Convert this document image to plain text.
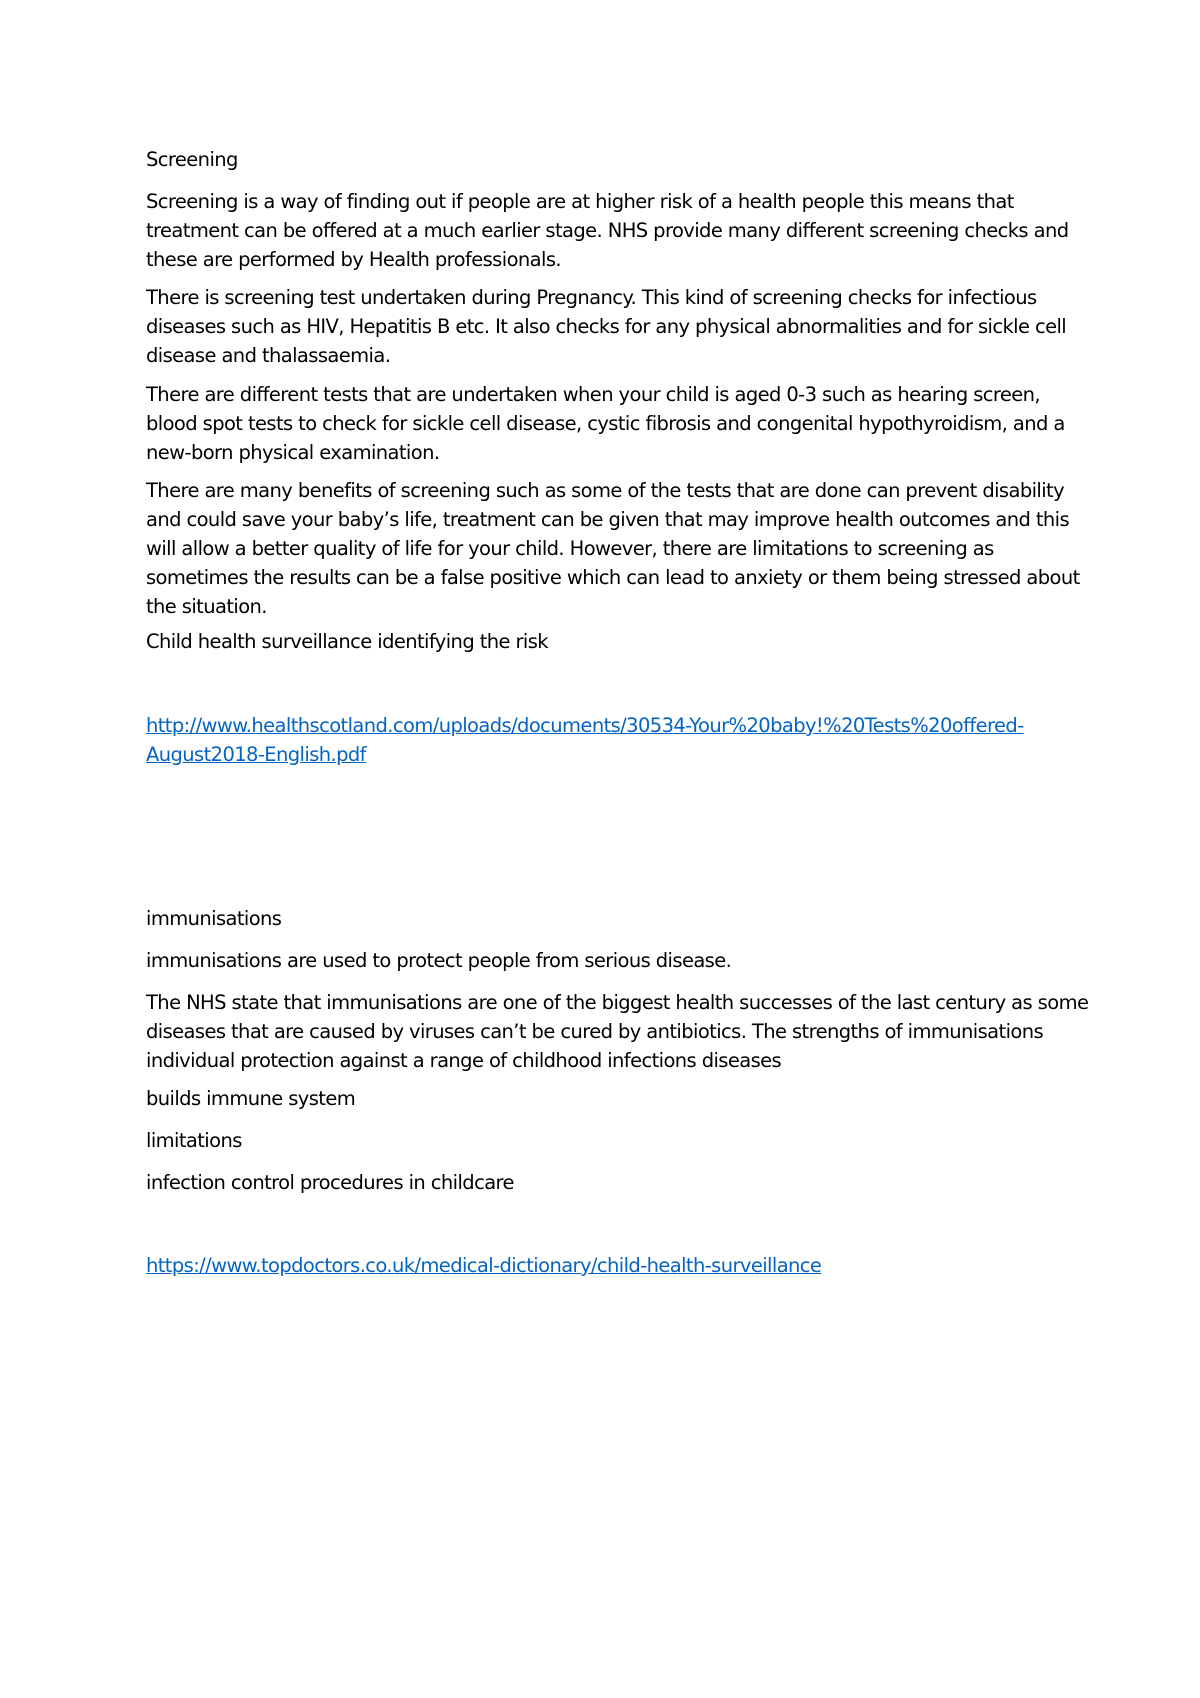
Screening

Screening is a way of finding out if people are at higher risk of a health people this means that
treatment can be offered at a much earlier stage. NHS provide many different screening checks and
these are performed by Health professionals.

There is screening test undertaken during Pregnancy. This kind of screening checks for infectious
diseases such as HIV, Hepatitis B etc. It also checks for any physical abnormalities and for sickle cell
disease and thalassaemia.

There are different tests that are undertaken when your child is aged 0-3 such as hearing screen,
blood spot tests to check for sickle cell disease, cystic fibrosis and congenital hypothyroidism, and a
new-born physical examination.

There are many benefits of screening such as some of the tests that are done can prevent disability
and could save your baby’s life, treatment can be given that may improve health outcomes and this
will allow a better quality of life for your child. However, there are limitations to screening as
sometimes the results can be a false positive which can lead to anxiety or them being stressed about
the situation.

Child health surveillance identifying the risk

http://www.healthscotland.com/uploads/documents/30534-Your%20baby!%20Tests%20offered-
August2018-English.pdf

immunisations

immunisations are used to protect people from serious disease.

The NHS state that immunisations are one of the biggest health successes of the last century as some
diseases that are caused by viruses can’t be cured by antibiotics. The strengths of immunisations
individual protection against a range of childhood infections diseases

builds immune system

limitations

infection control procedures in childcare

https://www.topdoctors.co.uk/medical-dictionary/child-health-surveillance
